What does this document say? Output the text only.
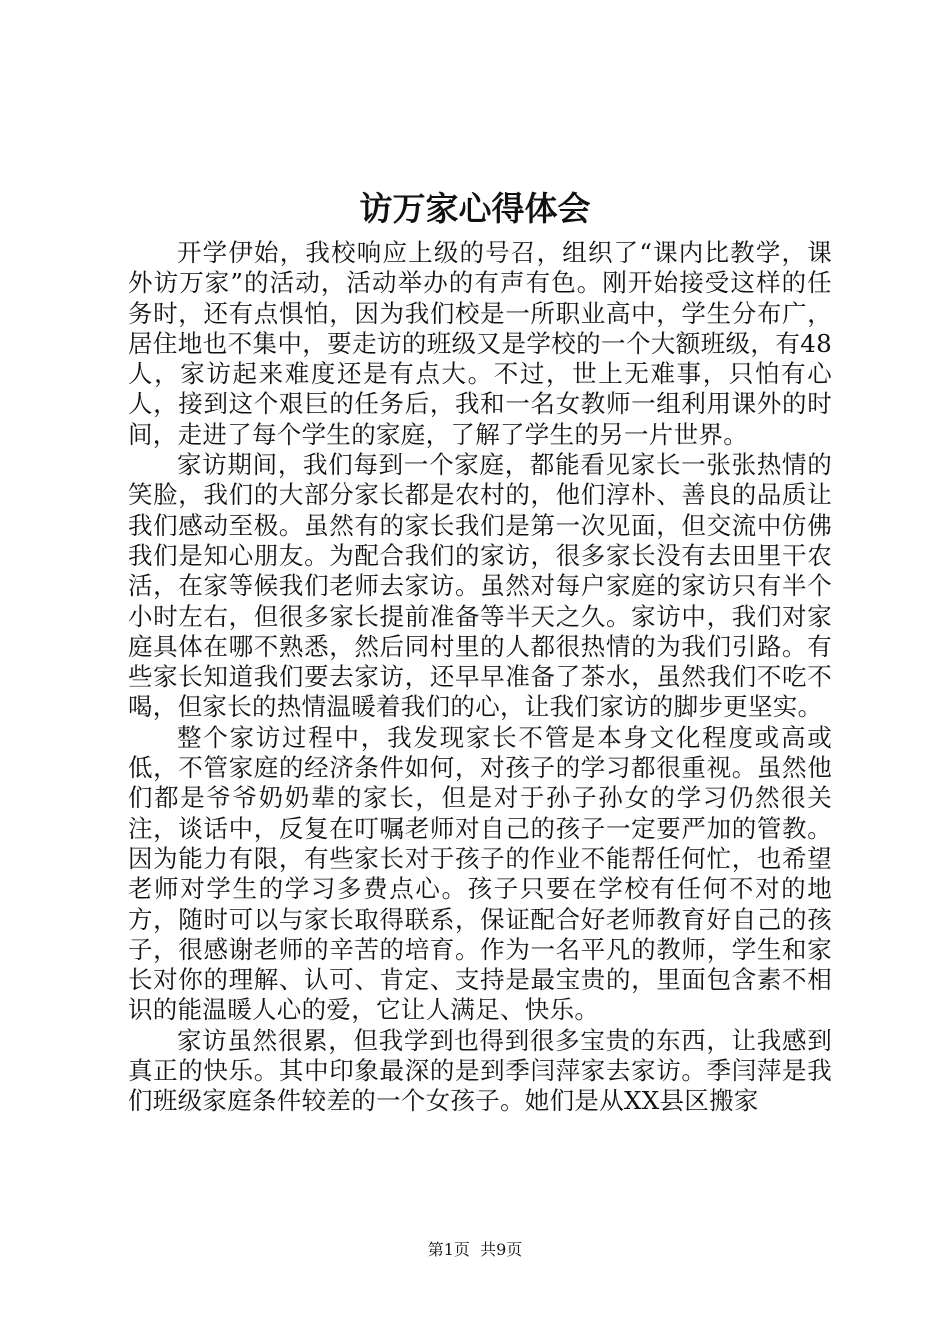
访万家心得体会

开学伊始，我校响应上级的号召，组织了“课内比教学，课外访万家”的活动，活动举办的有声有色。刚开始接受这样的任务时，还有点惧怕，因为我们校是一所职业高中，学生分布广，居住地也不集中，要走访的班级又是学校的一个大额班级，有48人，家访起来难度还是有点大。不过，世上无难事，只怕有心人，接到这个艰巨的任务后，我和一名女教师一组利用课外的时间，走进了每个学生的家庭，了解了学生的另一片世界。

家访期间，我们每到一个家庭，都能看见家长一张张热情的笑脸，我们的大部分家长都是农村的，他们淳朴、善良的品质让我们感动至极。虽然有的家长我们是第一次见面，但交流中仿佛我们是知心朋友。为配合我们的家访，很多家长没有去田里干农活，在家等候我们老师去家访。虽然对每户家庭的家访只有半个小时左右，但很多家长提前准备等半天之久。家访中，我们对家庭具体在哪不熟悉，然后同村里的人都很热情的为我们引路。有些家长知道我们要去家访，还早早准备了茶水，虽然我们不吃不喝，但家长的热情温暖着我们的心，让我们家访的脚步更坚实。

整个家访过程中，我发现家长不管是本身文化程度或高或低，不管家庭的经济条件如何，对孩子的学习都很重视。虽然他们都是爷爷奶奶辈的家长，但是对于孙子孙女的学习仍然很关注，谈话中，反复在叮嘱老师对自己的孩子一定要严加的管教。因为能力有限，有些家长对于孩子的作业不能帮任何忙，也希望老师对学生的学习多费点心。孩子只要在学校有任何不对的地方，随时可以与家长取得联系，保证配合好老师教育好自己的孩子，很感谢老师的辛苦的培育。作为一名平凡的教师，学生和家长对你的理解、认可、肯定、支持是最宝贵的，里面包含素不相识的能温暖人心的爱，它让人满足、快乐。

家访虽然很累，但我学到也得到很多宝贵的东西，让我感到真正的快乐。其中印象最深的是到季闫萍家去家访。季闫萍是我们班级家庭条件较差的一个女孩子。她们是从XX县区搬家

第1页 共9页
